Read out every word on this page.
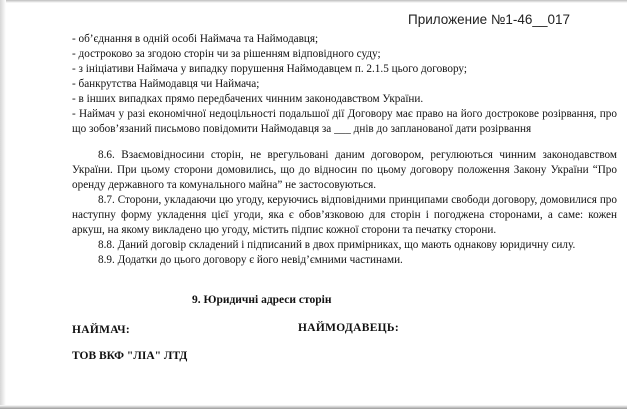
Приложение №1-46__017

- об’єднання в одній особі Наймача та Наймодавця;

- достроково за згодою сторін чи за рішенням відповідного суду;

- з ініціативи Наймача у випадку порушення Наймодавцем п. 2.1.5 цього договору;

- банкрутства Наймодавця чи Наймача;

- в інших випадках прямо передбачених чинним законодавством України.

- Наймач у разі економічної недоцільності подальшої дії Договору має право на його дострокове розірвання, про що зобов’язаний письмово повідомити Наймодавця за ___ днів до запланованої дати розірвання

8.6. Взаємовідносини сторін, не врегульовані даним договором, регулюються чинним законодавством України. При цьому сторони домовились, що до відносин по цьому договору положення Закону України “Про оренду державного та комунального майна” не застосовуються.

8.7. Сторони, укладаючи цю угоду, керуючись відповідними принципами свободи договору, домовилися про наступну форму укладення цієї угоди, яка є обов’язковою для сторін і погоджена сторонами, а саме: кожен аркуш, на якому викладено цю угоду, містить підпис кожної сторони та печатку сторони.

8.8. Даний договір складений і підписаний в двох примірниках, що мають однакову юридичну силу.

8.9. Додатки до цього договору є його невід’ємними частинами.

9. Юридичні адреси сторін
НАЙМАЧ:	НАЙМОДАВЕЦЬ:
ТОВ ВКФ "ЛІА" ЛТД
